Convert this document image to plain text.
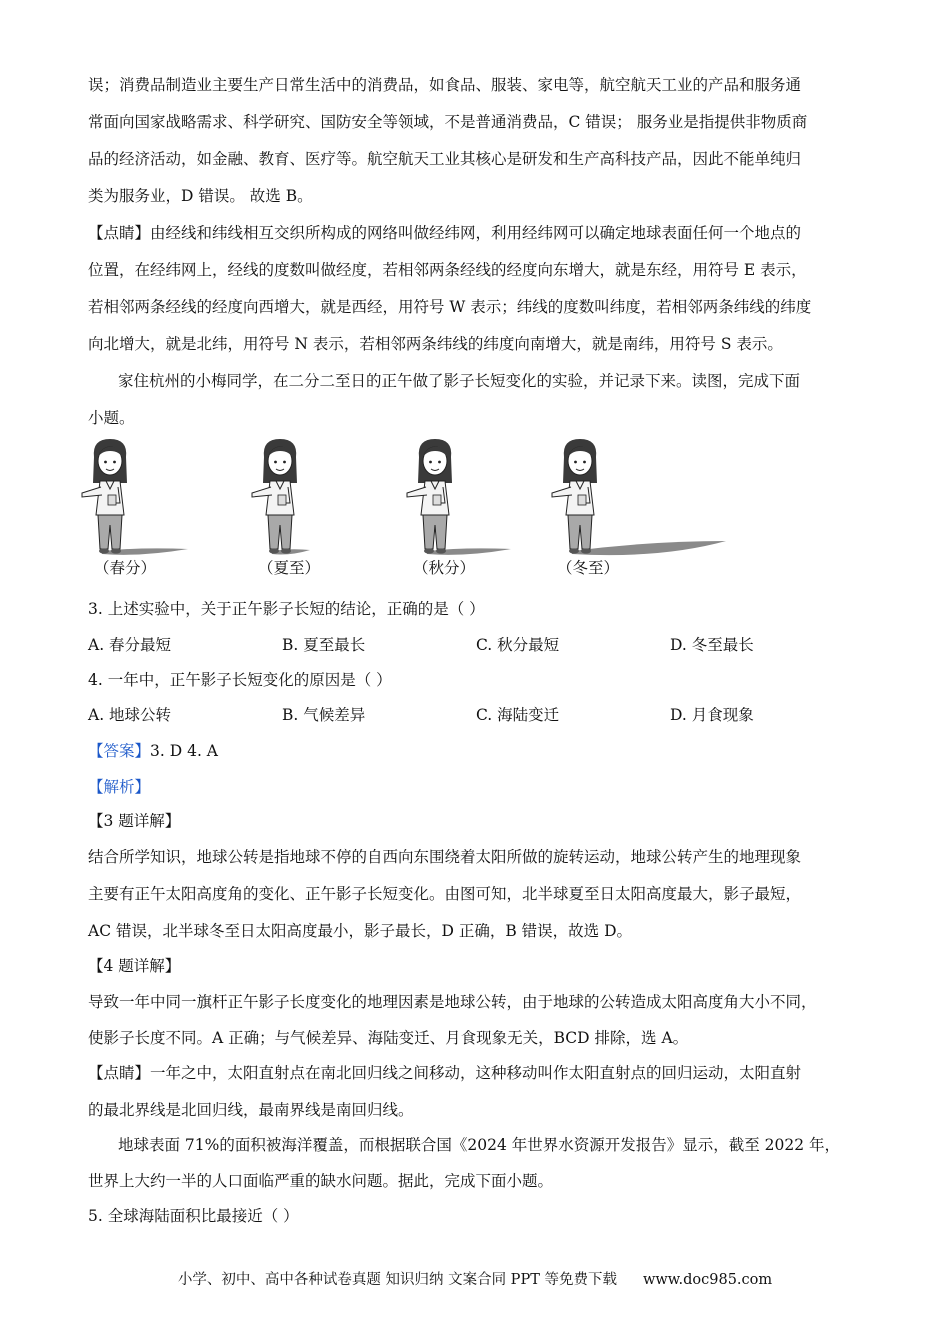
误；消费品制造业主要生产日常生活中的消费品，如食品、服装、家电等，航空航天工业的产品和服务通
常面向国家战略需求、科学研究、国防安全等领域，不是普通消费品，C 错误； 服务业是指提供非物质商
品的经济活动，如金融、教育、医疗等。航空航天工业其核心是研发和生产高科技产品，因此不能单纯归
类为服务业，D 错误。 故选 B。
【点睛】由经线和纬线相互交织所构成的网络叫做经纬网，利用经纬网可以确定地球表面任何一个地点的
位置，在经纬网上，经线的度数叫做经度，若相邻两条经线的经度向东增大，就是东经，用符号 E 表示，
若相邻两条经线的经度向西增大，就是西经，用符号 W 表示；纬线的度数叫纬度，若相邻两条纬线的纬度
向北增大，就是北纬，用符号 N 表示，若相邻两条纬线的纬度向南增大，就是南纬，用符号 S 表示。
家住杭州的小梅同学，在二分二至日的正午做了影子长短变化的实验，并记录下来。读图，完成下面
小题。
（春分）	（夏至）	（秋分）	（冬至）
3. 上述实验中，关于正午影子长短的结论，正确的是（ ）
A. 春分最短	B. 夏至最长	C. 秋分最短	D. 冬至最长
4. 一年中，正午影子长短变化的原因是（ ）
A. 地球公转	B. 气候差异	C. 海陆变迁	D. 月食现象
【答案】3. D 4. A
【解析】
【3 题详解】
结合所学知识，地球公转是指地球不停的自西向东围绕着太阳所做的旋转运动，地球公转产生的地理现象
主要有正午太阳高度角的变化、正午影子长短变化。由图可知，北半球夏至日太阳高度最大，影子最短，
AC 错误，北半球冬至日太阳高度最小，影子最长，D 正确，B 错误，故选 D。
【4 题详解】
导致一年中同一旗杆正午影子长度变化的地理因素是地球公转，由于地球的公转造成太阳高度角大小不同，
使影子长度不同。A 正确；与气候差异、海陆变迁、月食现象无关，BCD 排除，选 A。
【点睛】一年之中，太阳直射点在南北回归线之间移动，这种移动叫作太阳直射点的回归运动，太阳直射
的最北界线是北回归线，最南界线是南回归线。
地球表面 71%的面积被海洋覆盖，而根据联合国《2024 年世界水资源开发报告》显示，截至 2022 年，
世界上大约一半的人口面临严重的缺水问题。据此，完成下面小题。
5. 全球海陆面积比最接近（ ）
小学、初中、高中各种试卷真题 知识归纳 文案合同 PPT 等免费下载 www.doc985.com
